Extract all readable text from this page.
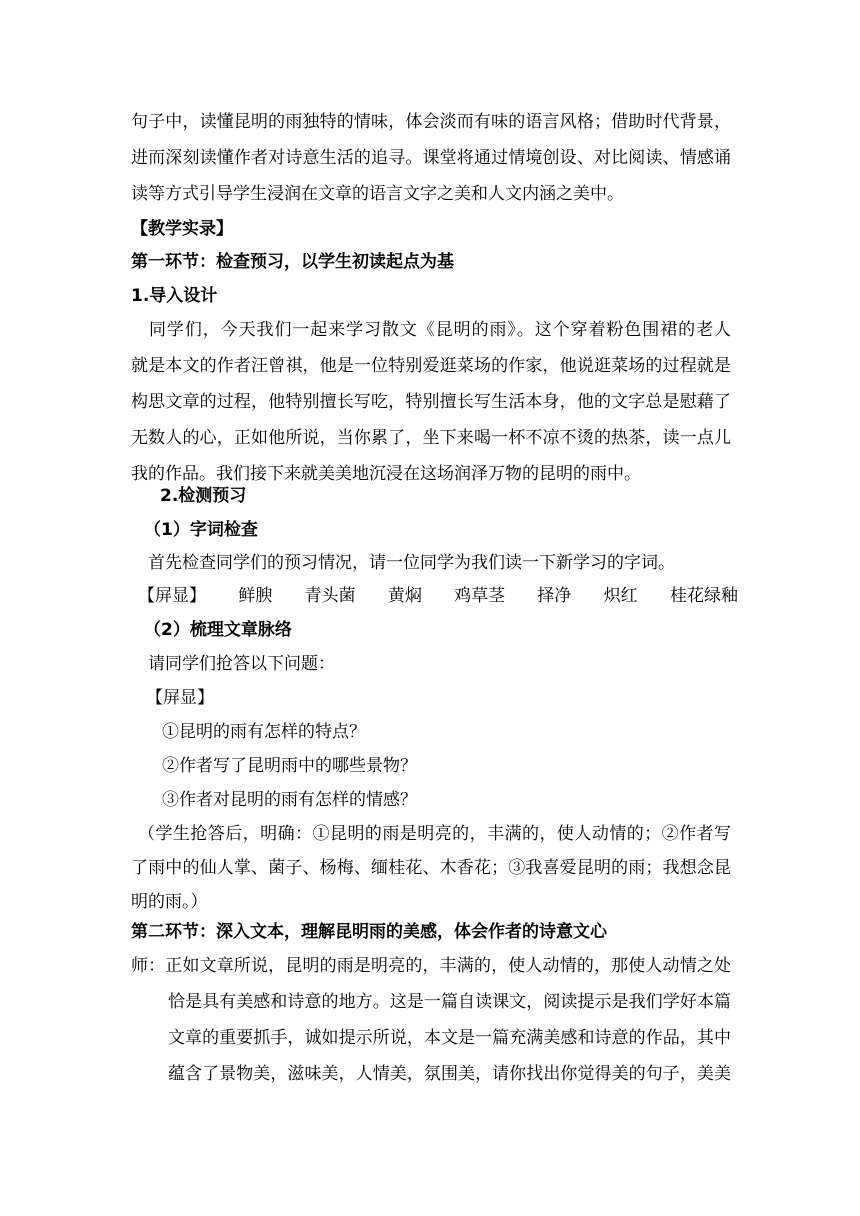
句子中，读懂昆明的雨独特的情味，体会淡而有味的语言风格；借助时代背景，
进而深刻读懂作者对诗意生活的追寻。课堂将通过情境创设、对比阅读、情感诵
读等方式引导学生浸润在文章的语言文字之美和人文内涵之美中。
【教学实录】
第一环节：检查预习，以学生初读起点为基
1.导入设计
同学们，今天我们一起来学习散文《昆明的雨》。这个穿着粉色围裙的老人
就是本文的作者汪曾祺，他是一位特别爱逛菜场的作家，他说逛菜场的过程就是
构思文章的过程，他特别擅长写吃，特别擅长写生活本身，他的文字总是慰藉了
无数人的心，正如他所说，当你累了，坐下来喝一杯不凉不烫的热茶，读一点儿
我的作品。我们接下来就美美地沉浸在这场润泽万物的昆明的雨中。
2.检测预习
（1）字词检查
首先检查同学们的预习情况，请一位同学为我们读一下新学习的字词。
【屏显】 鲜腴 青头菌 黄焖 鸡草茎 择净 炽红 桂花绿釉
（2）梳理文章脉络
请同学们抢答以下问题：
【屏显】
①昆明的雨有怎样的特点？
②作者写了昆明雨中的哪些景物？
③作者对昆明的雨有怎样的情感？
（学生抢答后，明确：①昆明的雨是明亮的，丰满的，使人动情的；②作者写
了雨中的仙人掌、菌子、杨梅、缅桂花、木香花；③我喜爱昆明的雨；我想念昆
明的雨。）
第二环节：深入文本，理解昆明雨的美感，体会作者的诗意文心
师：正如文章所说，昆明的雨是明亮的，丰满的，使人动情的，那使人动情之处
恰是具有美感和诗意的地方。这是一篇自读课文，阅读提示是我们学好本篇
文章的重要抓手，诚如提示所说，本文是一篇充满美感和诗意的作品，其中
蕴含了景物美，滋味美，人情美，氛围美，请你找出你觉得美的句子，美美
